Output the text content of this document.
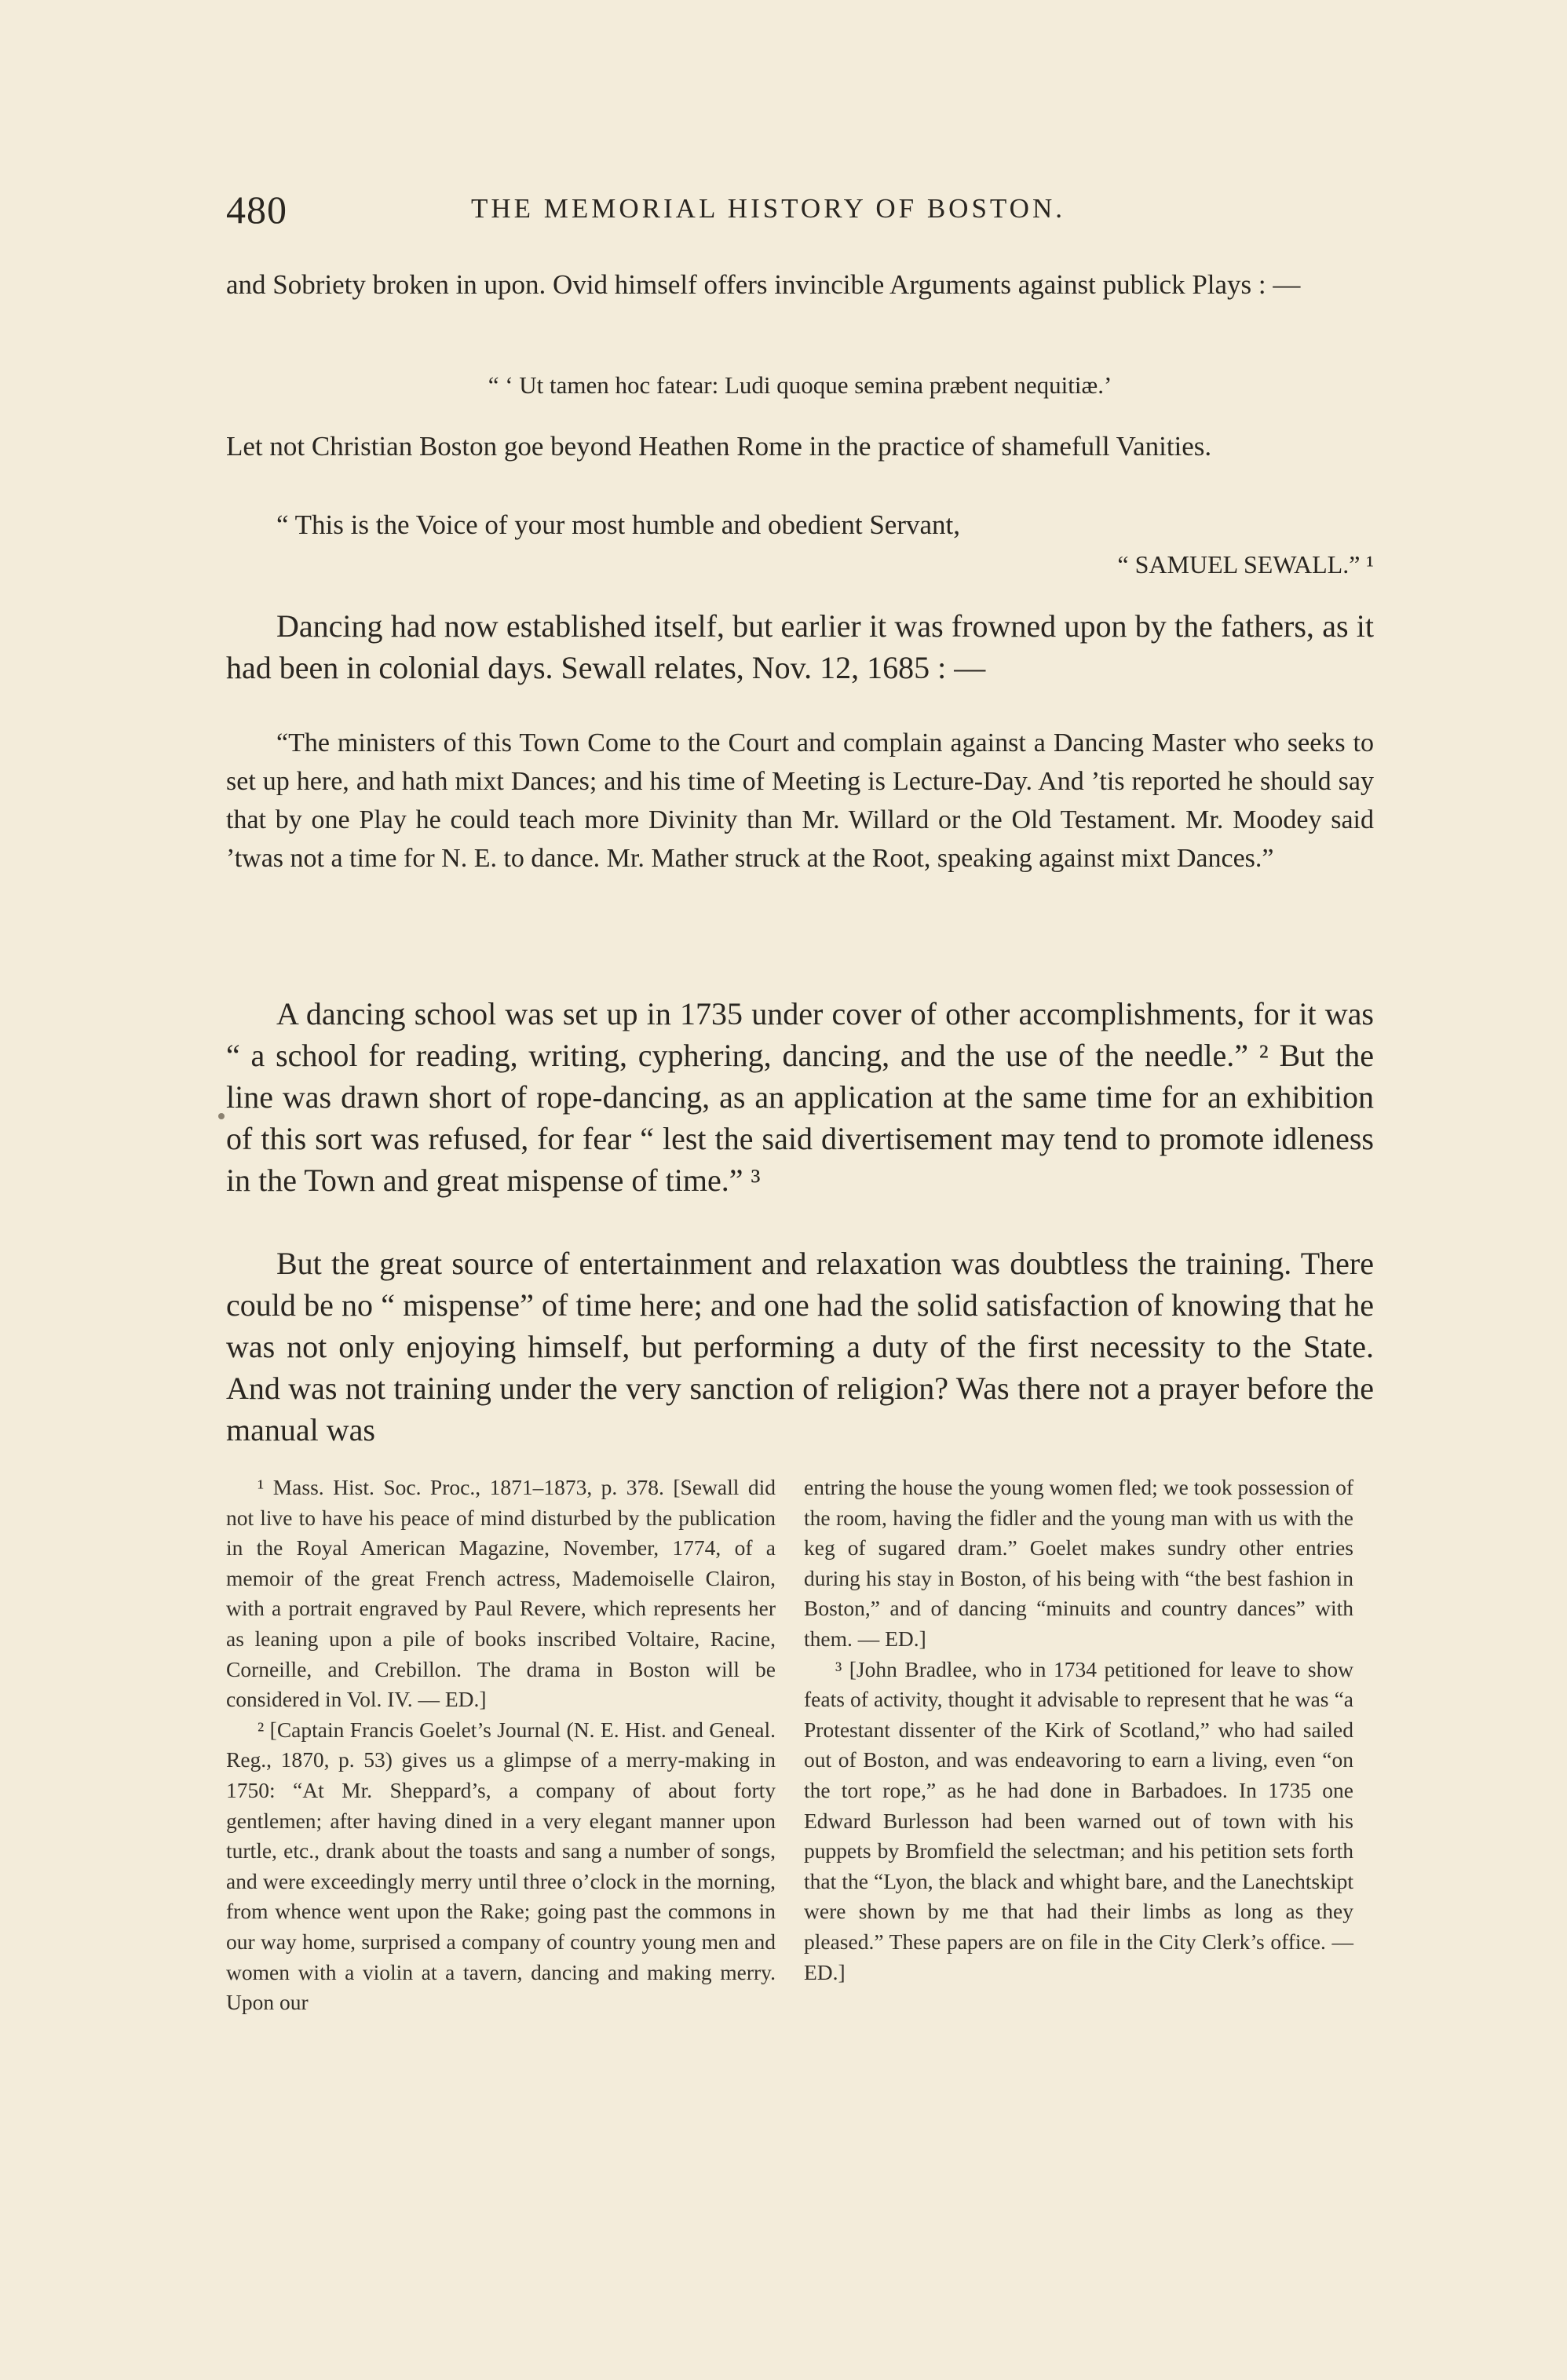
480	THE MEMORIAL HISTORY OF BOSTON.

and Sobriety broken in upon. Ovid himself offers invincible Arguments against publick Plays : —

“ ‘ Ut tamen hoc fatear: Ludi quoque semina præbent nequitiæ.’

Let not Christian Boston goe beyond Heathen Rome in the practice of shamefull Vanities.

“ This is the Voice of your most humble and obedient Servant,

“ SAMUEL SEWALL.” ¹

Dancing had now established itself, but earlier it was frowned upon by the fathers, as it had been in colonial days. Sewall relates, Nov. 12, 1685 : —

“The ministers of this Town Come to the Court and complain against a Dancing Master who seeks to set up here, and hath mixt Dances; and his time of Meeting is Lecture-Day. And ’tis reported he should say that by one Play he could teach more Divinity than Mr. Willard or the Old Testament. Mr. Moodey said ’twas not a time for N. E. to dance. Mr. Mather struck at the Root, speaking against mixt Dances.”

A dancing school was set up in 1735 under cover of other accomplishments, for it was “ a school for reading, writing, cyphering, dancing, and the use of the needle.” ² But the line was drawn short of rope-dancing, as an application at the same time for an exhibition of this sort was refused, for fear “ lest the said divertisement may tend to promote idleness in the Town and great mispense of time.” ³

But the great source of entertainment and relaxation was doubtless the training. There could be no “ mispense” of time here; and one had the solid satisfaction of knowing that he was not only enjoying himself, but performing a duty of the first necessity to the State. And was not training under the very sanction of religion? Was there not a prayer before the manual was

¹ Mass. Hist. Soc. Proc., 1871–1873, p. 378. [Sewall did not live to have his peace of mind disturbed by the publication in the Royal American Magazine, November, 1774, of a memoir of the great French actress, Mademoiselle Clairon, with a portrait engraved by Paul Revere, which represents her as leaning upon a pile of books inscribed Voltaire, Racine, Corneille, and Crebillon. The drama in Boston will be considered in Vol. IV. — ED.]

² [Captain Francis Goelet’s Journal (N. E. Hist. and Geneal. Reg., 1870, p. 53) gives us a glimpse of a merry-making in 1750: “At Mr. Sheppard’s, a company of about forty gentlemen; after having dined in a very elegant manner upon turtle, etc., drank about the toasts and sang a number of songs, and were exceedingly merry until three o’clock in the morning, from whence went upon the Rake; going past the commons in our way home, surprised a company of country young men and women with a violin at a tavern, dancing and making merry. Upon our

entring the house the young women fled; we took possession of the room, having the fidler and the young man with us with the keg of sugared dram.” Goelet makes sundry other entries during his stay in Boston, of his being with “the best fashion in Boston,” and of dancing “minuits and country dances” with them. — ED.]

³ [John Bradlee, who in 1734 petitioned for leave to show feats of activity, thought it advisable to represent that he was “a Protestant dissenter of the Kirk of Scotland,” who had sailed out of Boston, and was endeavoring to earn a living, even “on the tort rope,” as he had done in Barbadoes. In 1735 one Edward Burlesson had been warned out of town with his puppets by Bromfield the selectman; and his petition sets forth that the “Lyon, the black and whight bare, and the Lanechtskipt were shown by me that had their limbs as long as they pleased.” These papers are on file in the City Clerk’s office. — ED.]
